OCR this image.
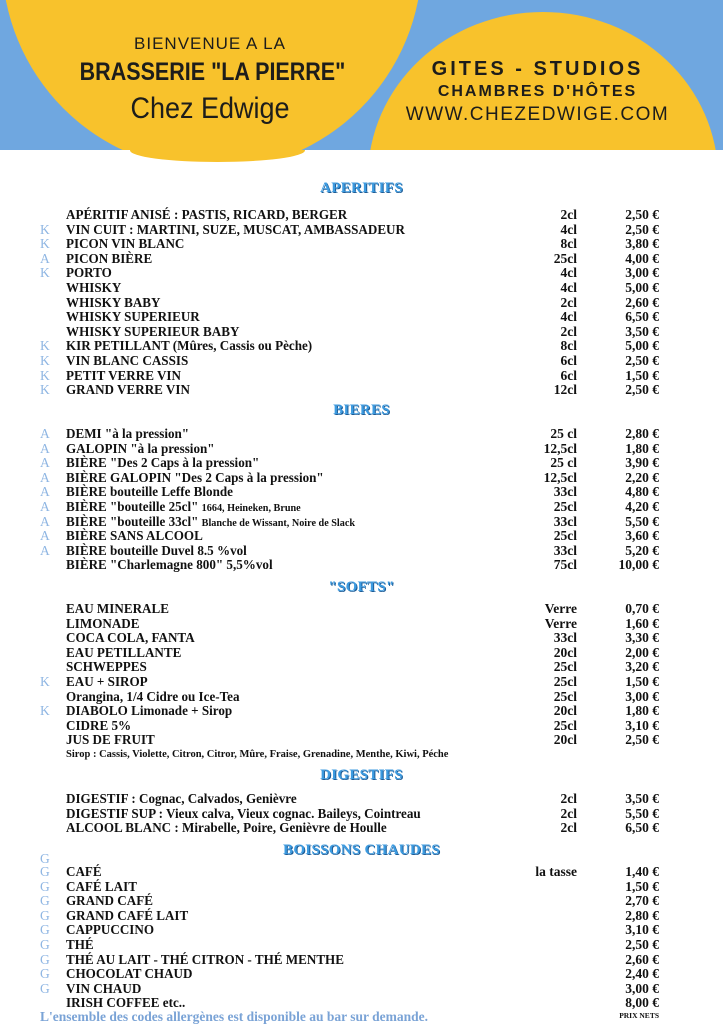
BIENVENUE A LA
BRASSERIE "LA PIERRE"
Chez Edwige
GITES - STUDIOS
CHAMBRES D'HÔTES
WWW.CHEZEDWIGE.COM
APERITIFS
APÉRITIF ANISÉ : PASTIS, RICARD, BERGER	2cl	2,50 €
K	VIN CUIT : MARTINI, SUZE, MUSCAT, AMBASSADEUR	4cl	2,50 €
K	PICON VIN BLANC	8cl	3,80 €
A	PICON BIÈRE	25cl	4,00 €
K	PORTO	4cl	3,00 €
WHISKY	4cl	5,00 €
WHISKY BABY	2cl	2,60 €
WHISKY SUPERIEUR	4cl	6,50 €
WHISKY SUPERIEUR BABY	2cl	3,50 €
K	KIR PETILLANT (Mûres, Cassis ou Pèche)	8cl	5,00 €
K	VIN BLANC CASSIS	6cl	2,50 €
K	PETIT VERRE VIN	6cl	1,50 €
K	GRAND VERRE VIN	12cl	2,50 €
BIERES
A	DEMI "à la pression"	25 cl	2,80 €
A	GALOPIN "à la pression"	12,5cl	1,80 €
A	BIÈRE "Des 2 Caps à la pression"	25 cl	3,90 €
A	BIÈRE GALOPIN "Des 2 Caps à la pression"	12,5cl	2,20 €
A	BIÈRE bouteille Leffe Blonde	33cl	4,80 €
A	BIÈRE "bouteille 25cl" 1664, Heineken, Brune	25cl	4,20 €
A	BIÈRE "bouteille 33cl" Blanche de Wissant, Noire de Slack	33cl	5,50 €
A	BIÈRE SANS ALCOOL	25cl	3,60 €
A	BIÈRE bouteille Duvel 8.5 %vol	33cl	5,20 €
BIÈRE "Charlemagne 800" 5,5%vol	75cl	10,00 €
"SOFTS"
EAU MINERALE	Verre	0,70 €
LIMONADE	Verre	1,60 €
COCA COLA, FANTA	33cl	3,30 €
EAU PETILLANTE	20cl	2,00 €
SCHWEPPES	25cl	3,20 €
K	EAU + SIROP	25cl	1,50 €
Orangina, 1/4 Cidre ou Ice-Tea	25cl	3,00 €
K	DIABOLO Limonade + Sirop	20cl	1,80 €
CIDRE 5%	25cl	3,10 €
JUS DE FRUIT	20cl	2,50 €
Sirop : Cassis, Violette, Citron, Citror, Mûre, Fraise, Grenadine, Menthe, Kiwi, Péche
DIGESTIFS
DIGESTIF : Cognac, Calvados, Genièvre	2cl	3,50 €
DIGESTIF SUP : Vieux calva, Vieux cognac. Baileys, Cointreau	2cl	5,50 €
ALCOOL BLANC : Mirabelle, Poire, Genièvre de Houlle	2cl	6,50 €
BOISSONS CHAUDES
G
G	CAFÉ	la tasse	1,40 €
G	CAFÉ LAIT	1,50 €
G	GRAND CAFÉ	2,70 €
G	GRAND CAFÉ LAIT	2,80 €
G	CAPPUCCINO	3,10 €
G	THÉ	2,50 €
G	THÉ AU LAIT - THÉ CITRON - THÉ MENTHE	2,60 €
G	CHOCOLAT CHAUD	2,40 €
G	VIN CHAUD	3,00 €
IRISH COFFEE etc..	8,00 €
L'ensemble des codes allergènes est disponible au bar sur demande.	PRIX NETS
